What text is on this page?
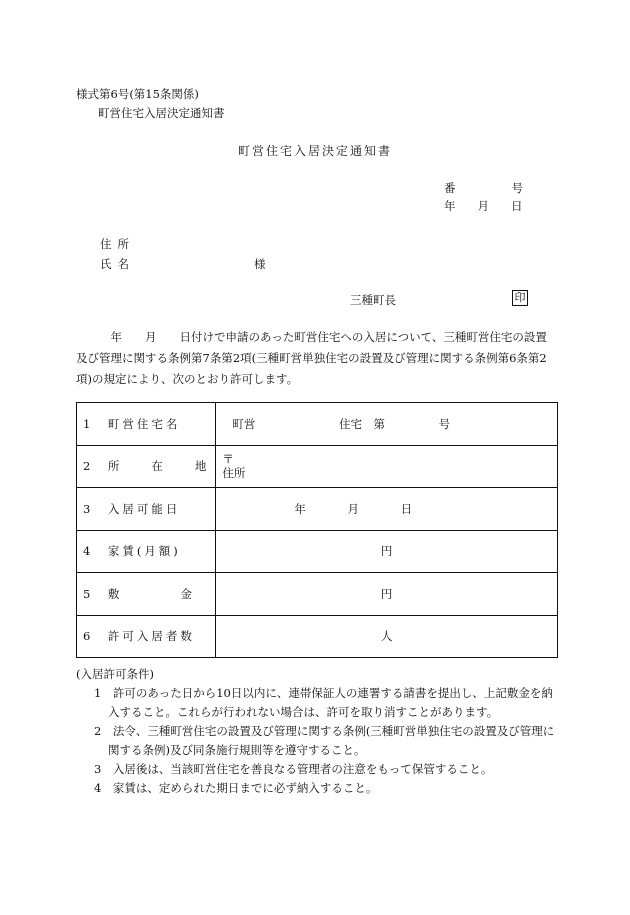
様式第6号(第15条関係)
町営住宅入居決定通知書
町営住宅入居決定通知書
番	号
年 月 日
住所
氏名	様
三種町長	印
　　　年　　月　　日付けで申請のあった町営住宅への入居について、三種町営住宅の設置及び管理に関する条例第7条第2項(三種町営単独住宅の設置及び管理に関する条例第6条第2項)の規定により、次のとおり許可します。
1　町営住宅名	町営 住宅　第 号
2　所　　在　　地	〒
住所

3　入居可能日	年 月 日
4　家賃(月額)	円
5　敷　　　　金	円
6　許可入居者数	人
(入居許可条件)
1　許可のあった日から10日以内に、連帯保証人の連署する請書を提出し、上記敷金を納入すること。これらが行われない場合は、許可を取り消すことがあります。
2　法令、三種町営住宅の設置及び管理に関する条例(三種町営単独住宅の設置及び管理に関する条例)及び同条施行規則等を遵守すること。
3　入居後は、当該町営住宅を善良なる管理者の注意をもって保管すること。
4　家賃は、定められた期日までに必ず納入すること。
